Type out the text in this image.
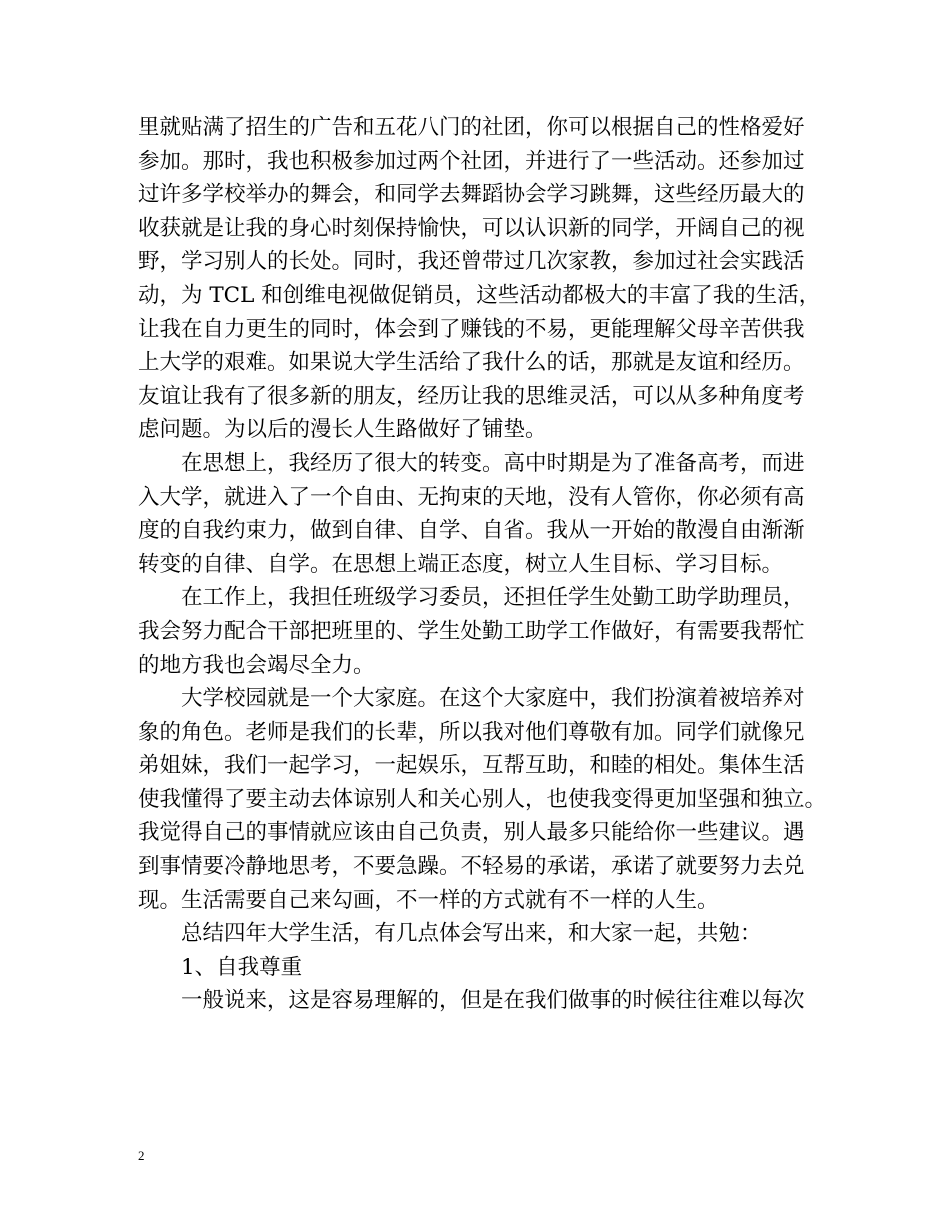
里就贴满了招生的广告和五花八门的社团，你可以根据自己的性格爱好
参加。那时，我也积极参加过两个社团，并进行了一些活动。还参加过
过许多学校举办的舞会，和同学去舞蹈协会学习跳舞，这些经历最大的
收获就是让我的身心时刻保持愉快，可以认识新的同学，开阔自己的视
野，学习别人的长处。同时，我还曾带过几次家教，参加过社会实践活
动，为 TCL 和创维电视做促销员，这些活动都极大的丰富了我的生活，
让我在自力更生的同时，体会到了赚钱的不易，更能理解父母辛苦供我
上大学的艰难。如果说大学生活给了我什么的话，那就是友谊和经历。
友谊让我有了很多新的朋友，经历让我的思维灵活，可以从多种角度考
虑问题。为以后的漫长人生路做好了铺垫。
在思想上，我经历了很大的转变。高中时期是为了准备高考，而进
入大学，就进入了一个自由、无拘束的天地，没有人管你，你必须有高
度的自我约束力，做到自律、自学、自省。我从一开始的散漫自由渐渐
转变的自律、自学。在思想上端正态度，树立人生目标、学习目标。
在工作上，我担任班级学习委员，还担任学生处勤工助学助理员，
我会努力配合干部把班里的、学生处勤工助学工作做好，有需要我帮忙
的地方我也会竭尽全力。
大学校园就是一个大家庭。在这个大家庭中，我们扮演着被培养对
象的角色。老师是我们的长辈，所以我对他们尊敬有加。同学们就像兄
弟姐妹，我们一起学习，一起娱乐，互帮互助，和睦的相处。集体生活
使我懂得了要主动去体谅别人和关心别人，也使我变得更加坚强和独立。
我觉得自己的事情就应该由自己负责，别人最多只能给你一些建议。遇
到事情要冷静地思考，不要急躁。不轻易的承诺，承诺了就要努力去兑
现。生活需要自己来勾画，不一样的方式就有不一样的人生。
总结四年大学生活，有几点体会写出来，和大家一起，共勉：
1、自我尊重
一般说来，这是容易理解的，但是在我们做事的时候往往难以每次
2
